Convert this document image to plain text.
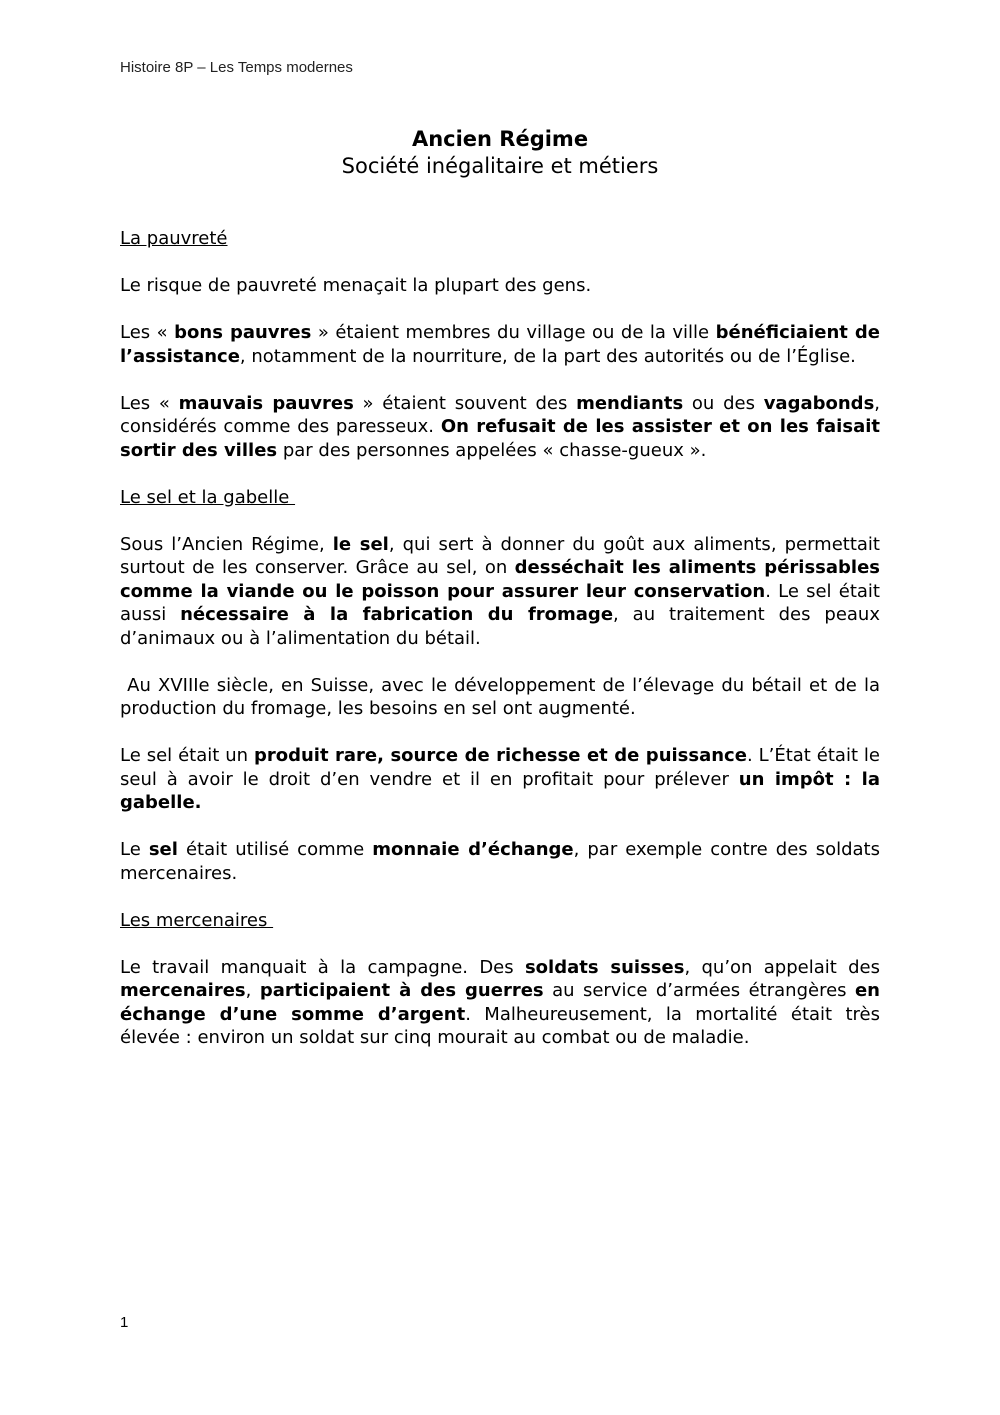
Histoire 8P – Les Temps modernes
Ancien Régime
Société inégalitaire et métiers
La pauvreté

Le risque de pauvreté menaçait la plupart des gens.

Les « bons pauvres » étaient membres du village ou de la ville bénéficiaient de l’assistance, notamment de la nourriture, de la part des autorités ou de l’Église.

Les « mauvais pauvres » étaient souvent des mendiants ou des vagabonds, considérés comme des paresseux. On refusait de les assister et on les faisait sortir des villes par des personnes appelées « chasse-gueux ».

Le sel et la gabelle

Sous l’Ancien Régime, le sel, qui sert à donner du goût aux aliments, permettait surtout de les conserver. Grâce au sel, on desséchait les aliments périssables comme la viande ou le poisson pour assurer leur conservation. Le sel était aussi nécessaire à la fabrication du fromage, au traitement des peaux d’animaux ou à l’alimentation du bétail.

Au XVIIIe siècle, en Suisse, avec le développement de l’élevage du bétail et de la production du fromage, les besoins en sel ont augmenté.

Le sel était un produit rare, source de richesse et de puissance. L’État était le seul à avoir le droit d’en vendre et il en profitait pour prélever un impôt : la gabelle.

Le sel était utilisé comme monnaie d’échange, par exemple contre des soldats mercenaires.

Les mercenaires

Le travail manquait à la campagne. Des soldats suisses, qu’on appelait des mercenaires, participaient à des guerres au service d’armées étrangères en échange d’une somme d’argent. Malheureusement, la mortalité était très élevée : environ un soldat sur cinq mourait au combat ou de maladie.

1
